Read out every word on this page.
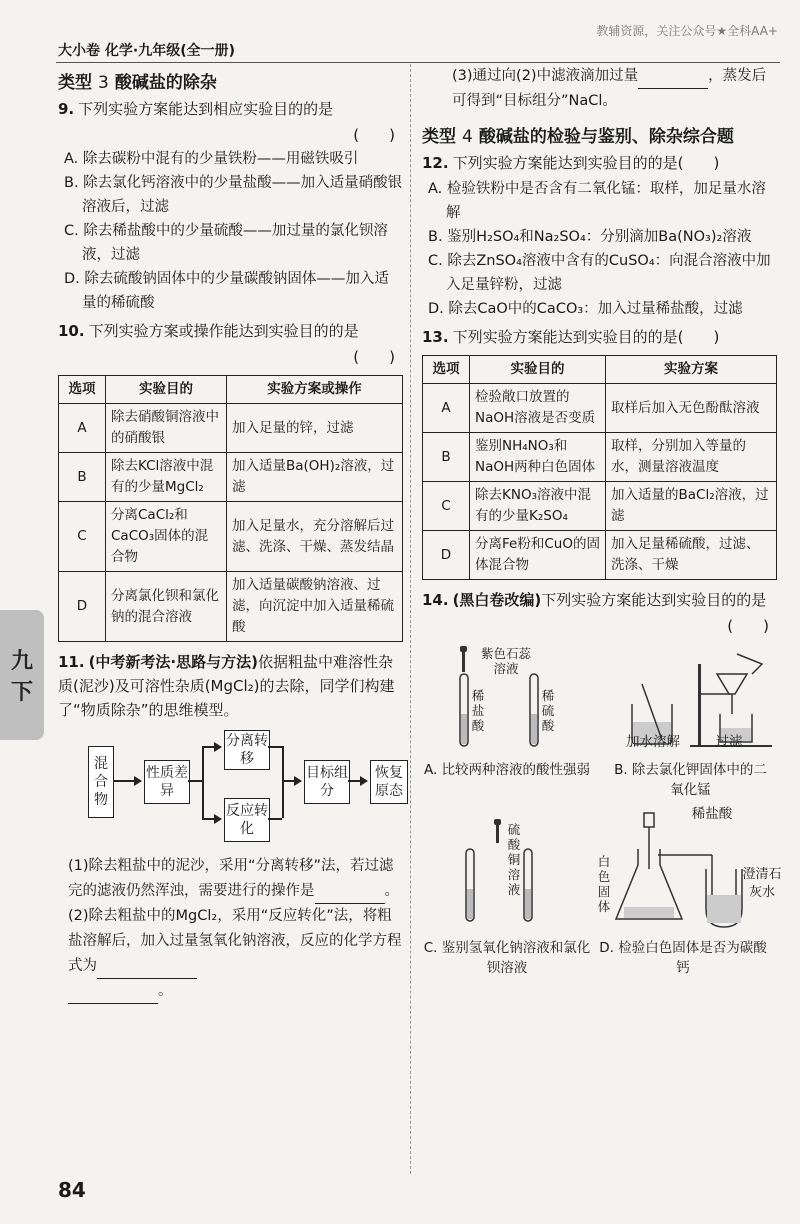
教辅资源，关注公众号★全科AA+
大小卷 化学·九年级(全一册)
九
下
类型 3 酸碱盐的除杂

9. 下列实验方案能达到相应实验目的的是

(　　)

A. 除去碳粉中混有的少量铁粉——用磁铁吸引

B. 除去氯化钙溶液中的少量盐酸——加入适量硝酸银溶液后，过滤

C. 除去稀盐酸中的少量硫酸——加过量的氯化钡溶液，过滤

D. 除去硫酸钠固体中的少量碳酸钠固体——加入适量的稀硫酸

10. 下列实验方案或操作能达到实验目的的是

(　　)
选项	实验目的	实验方案或操作
A	除去硝酸铜溶液中的硝酸银	加入足量的锌，过滤
B	除去KCl溶液中混有的少量MgCl₂	加入适量Ba(OH)₂溶液，过滤
C	分离CaCl₂和CaCO₃固体的混合物	加入足量水，充分溶解后过滤、洗涤、干燥、蒸发结晶
D	分离氯化钡和氯化钠的混合溶液	加入适量碳酸钠溶液、过滤，向沉淀中加入适量稀硫酸

11. (中考新考法·思路与方法)依据粗盐中难溶性杂质(泥沙)及可溶性杂质(MgCl₂)的去除，同学们构建了“物质除杂”的思维模型。

混合物
性质差异
分离转移
反应转化
目标组分
恢复原态

(1)除去粗盐中的泥沙，采用“分离转移”法，若过滤完的滤液仍然浑浊，需要进行的操作是	。

(2)除去粗盐中的MgCl₂，采用“反应转化”法，将粗盐溶解后，加入过量氢氧化钠溶液，反应的化学方程式为

。

(3)通过向(2)中滤液滴加过量	，蒸发后可得到“目标组分”NaCl。

类型 4 酸碱盐的检验与鉴别、除杂综合题

12. 下列实验方案能达到实验目的的是(　　)

A. 检验铁粉中是否含有二氧化锰：取样，加足量水溶解

B. 鉴别H₂SO₄和Na₂SO₄：分别滴加Ba(NO₃)₂溶液

C. 除去ZnSO₄溶液中含有的CuSO₄：向混合溶液中加入足量锌粉，过滤

D. 除去CaO中的CaCO₃：加入过量稀盐酸，过滤

13. 下列实验方案能达到实验目的的是(　　)

选项	实验目的	实验方案
A	检验敞口放置的NaOH溶液是否变质	取样后加入无色酚酞溶液
B	鉴别NH₄NO₃和NaOH两种白色固体	取样，分别加入等量的水，测量溶液温度
C	除去KNO₃溶液中混有的少量K₂SO₄	加入适量的BaCl₂溶液，过滤
D	分离Fe粉和CuO的固体混合物	加入足量稀硫酸，过滤、洗涤、干燥

14. (黑白卷改编)下列实验方案能达到实验目的的是

(　　)
紫色石蕊溶液
稀盐酸
稀硫酸
A. 比较两种溶液的酸性强弱
加水溶解	过滤
B. 除去氯化钾固体中的二氧化锰
硫酸铜溶液
C. 鉴别氢氧化钠溶液和氯化钡溶液
稀盐酸
白色固体
澄清石灰水
D. 检验白色固体是否为碳酸钙
84
